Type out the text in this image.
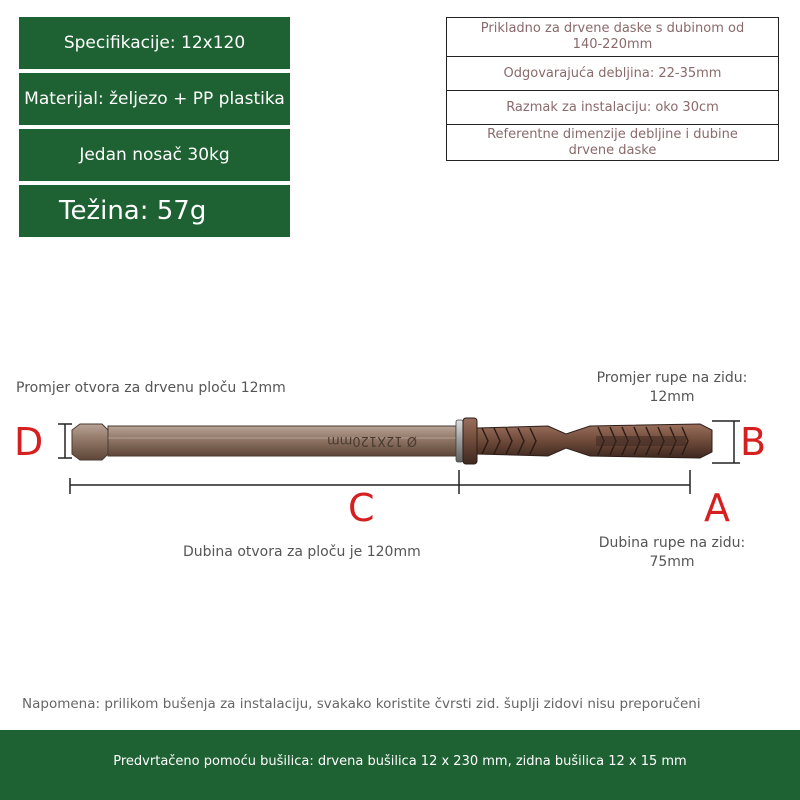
Specifikacije: 12x120
Materijal: željezo + PP plastika
Jedan nosač 30kg
Težina: 57g
Prikladno za drvene daske s dubinom od 140-220mm
Odgovarajuća debljina: 22-35mm
Razmak za instalaciju: oko 30cm
Referentne dimenzije debljine i dubine drvene daske
Promjer otvora za drvenu ploču 12mm
Promjer rupe na zidu:
12mm
Dubina otvora za ploču je 120mm
Dubina rupe na zidu:
75mm
D	B
C	A
Ø 12X120mm
Napomena: prilikom bušenja za instalaciju, svakako koristite čvrsti zid. šuplji zidovi nisu preporučeni
Predvrtačeno pomoću bušilica: drvena bušilica 12 x 230 mm, zidna bušilica 12 x 15 mm
